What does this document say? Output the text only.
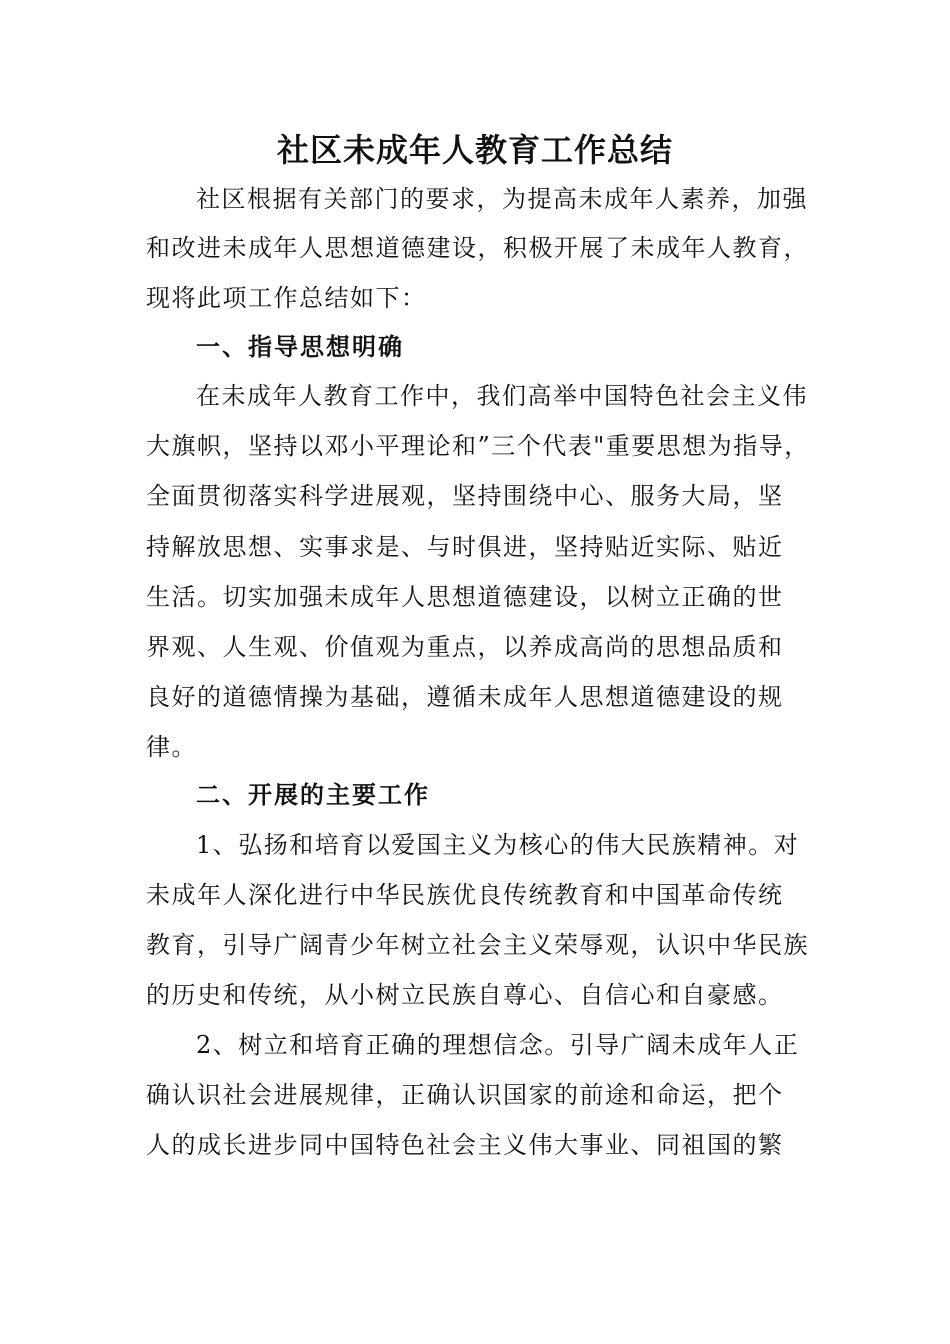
社区未成年人教育工作总结
社区根据有关部门的要求，为提高未成年人素养，加强
和改进未成年人思想道德建设，积极开展了未成年人教育，
现将此项工作总结如下：
一、指导思想明确
在未成年人教育工作中，我们高举中国特色社会主义伟
大旗帜，坚持以邓小平理论和”三个代表"重要思想为指导，
全面贯彻落实科学进展观，坚持围绕中心、服务大局，坚
持解放思想、实事求是、与时俱进，坚持贴近实际、贴近
生活。切实加强未成年人思想道德建设，以树立正确的世
界观、人生观、价值观为重点，以养成高尚的思想品质和
良好的道德情操为基础，遵循未成年人思想道德建设的规
律。
二、开展的主要工作
1、弘扬和培育以爱国主义为核心的伟大民族精神。对
未成年人深化进行中华民族优良传统教育和中国革命传统
教育，引导广阔青少年树立社会主义荣辱观，认识中华民族
的历史和传统，从小树立民族自尊心、自信心和自豪感。
2、树立和培育正确的理想信念。引导广阔未成年人正
确认识社会进展规律，正确认识国家的前途和命运，把个
人的成长进步同中国特色社会主义伟大事业、同祖国的繁
